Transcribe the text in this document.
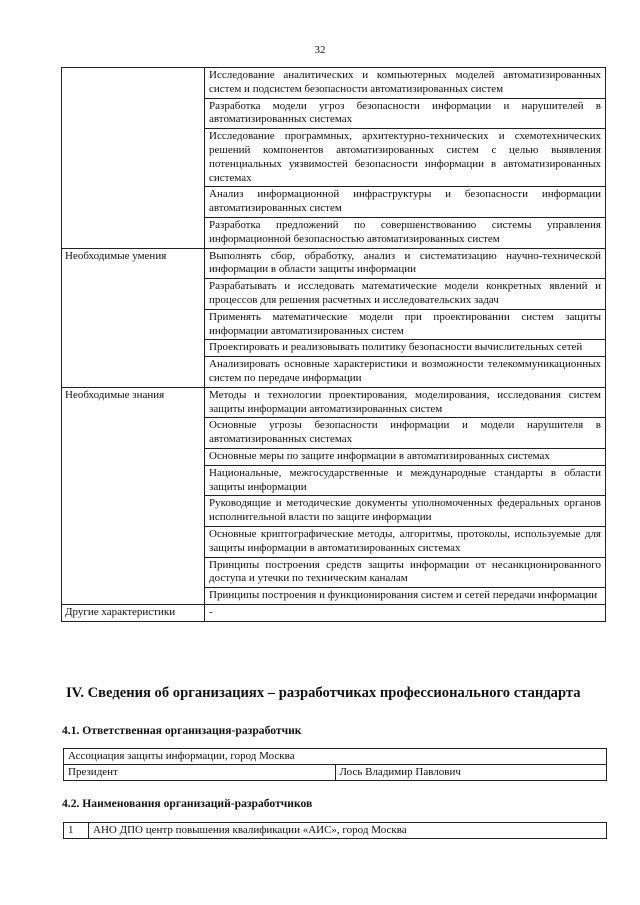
32
	Исследование аналитических и компьютерных моделей автоматизированных систем и подсистем безопасности автоматизированных систем
	Разработка модели угроз безопасности информации и нарушителей в автоматизированных системах
	Исследование программных, архитектурно-технических и схемотехнических решений компонентов автоматизированных систем с целью выявления потенциальных уязвимостей безопасности информации в автоматизированных системах
	Анализ информационной инфраструктуры и безопасности информации автоматизированных систем
	Разработка предложений по совершенствованию системы управления информационной безопасностью автоматизированных систем
Необходимые умения	Выполнять сбор, обработку, анализ и систематизацию научно-технической информации в области защиты информации
	Разрабатывать и исследовать математические модели конкретных явлений и процессов для решения расчетных и исследовательских задач
	Применять математические модели при проектировании систем защиты информации автоматизированных систем
	Проектировать и реализовывать политику безопасности вычислительных сетей
	Анализировать основные характеристики и возможности телекоммуникационных систем по передаче информации
Необходимые знания	Методы и технологии проектирования, моделирования, исследования систем защиты информации автоматизированных систем
	Основные угрозы безопасности информации и модели нарушителя в автоматизированных системах
	Основные меры по защите информации в автоматизированных системах
	Национальные, межгосударственные и международные стандарты в области защиты информации
	Руководящие и методические документы уполномоченных федеральных органов исполнительной власти по защите информации
	Основные криптографические методы, алгоритмы, протоколы, используемые для защиты информации в автоматизированных системах
	Принципы построения средств защиты информации от несанкционированного доступа и утечки по техническим каналам
	Принципы построения и функционирования систем и сетей передачи информации
Другие характеристики	-
IV. Сведения об организациях – разработчиках профессионального стандарта
4.1. Ответственная организация-разработчик
Ассоциация защиты информации, город Москва
Президент	Лось Владимир Павлович
4.2. Наименования организаций-разработчиков
1	АНО ДПО центр повышения квалификации «АИС», город Москва
